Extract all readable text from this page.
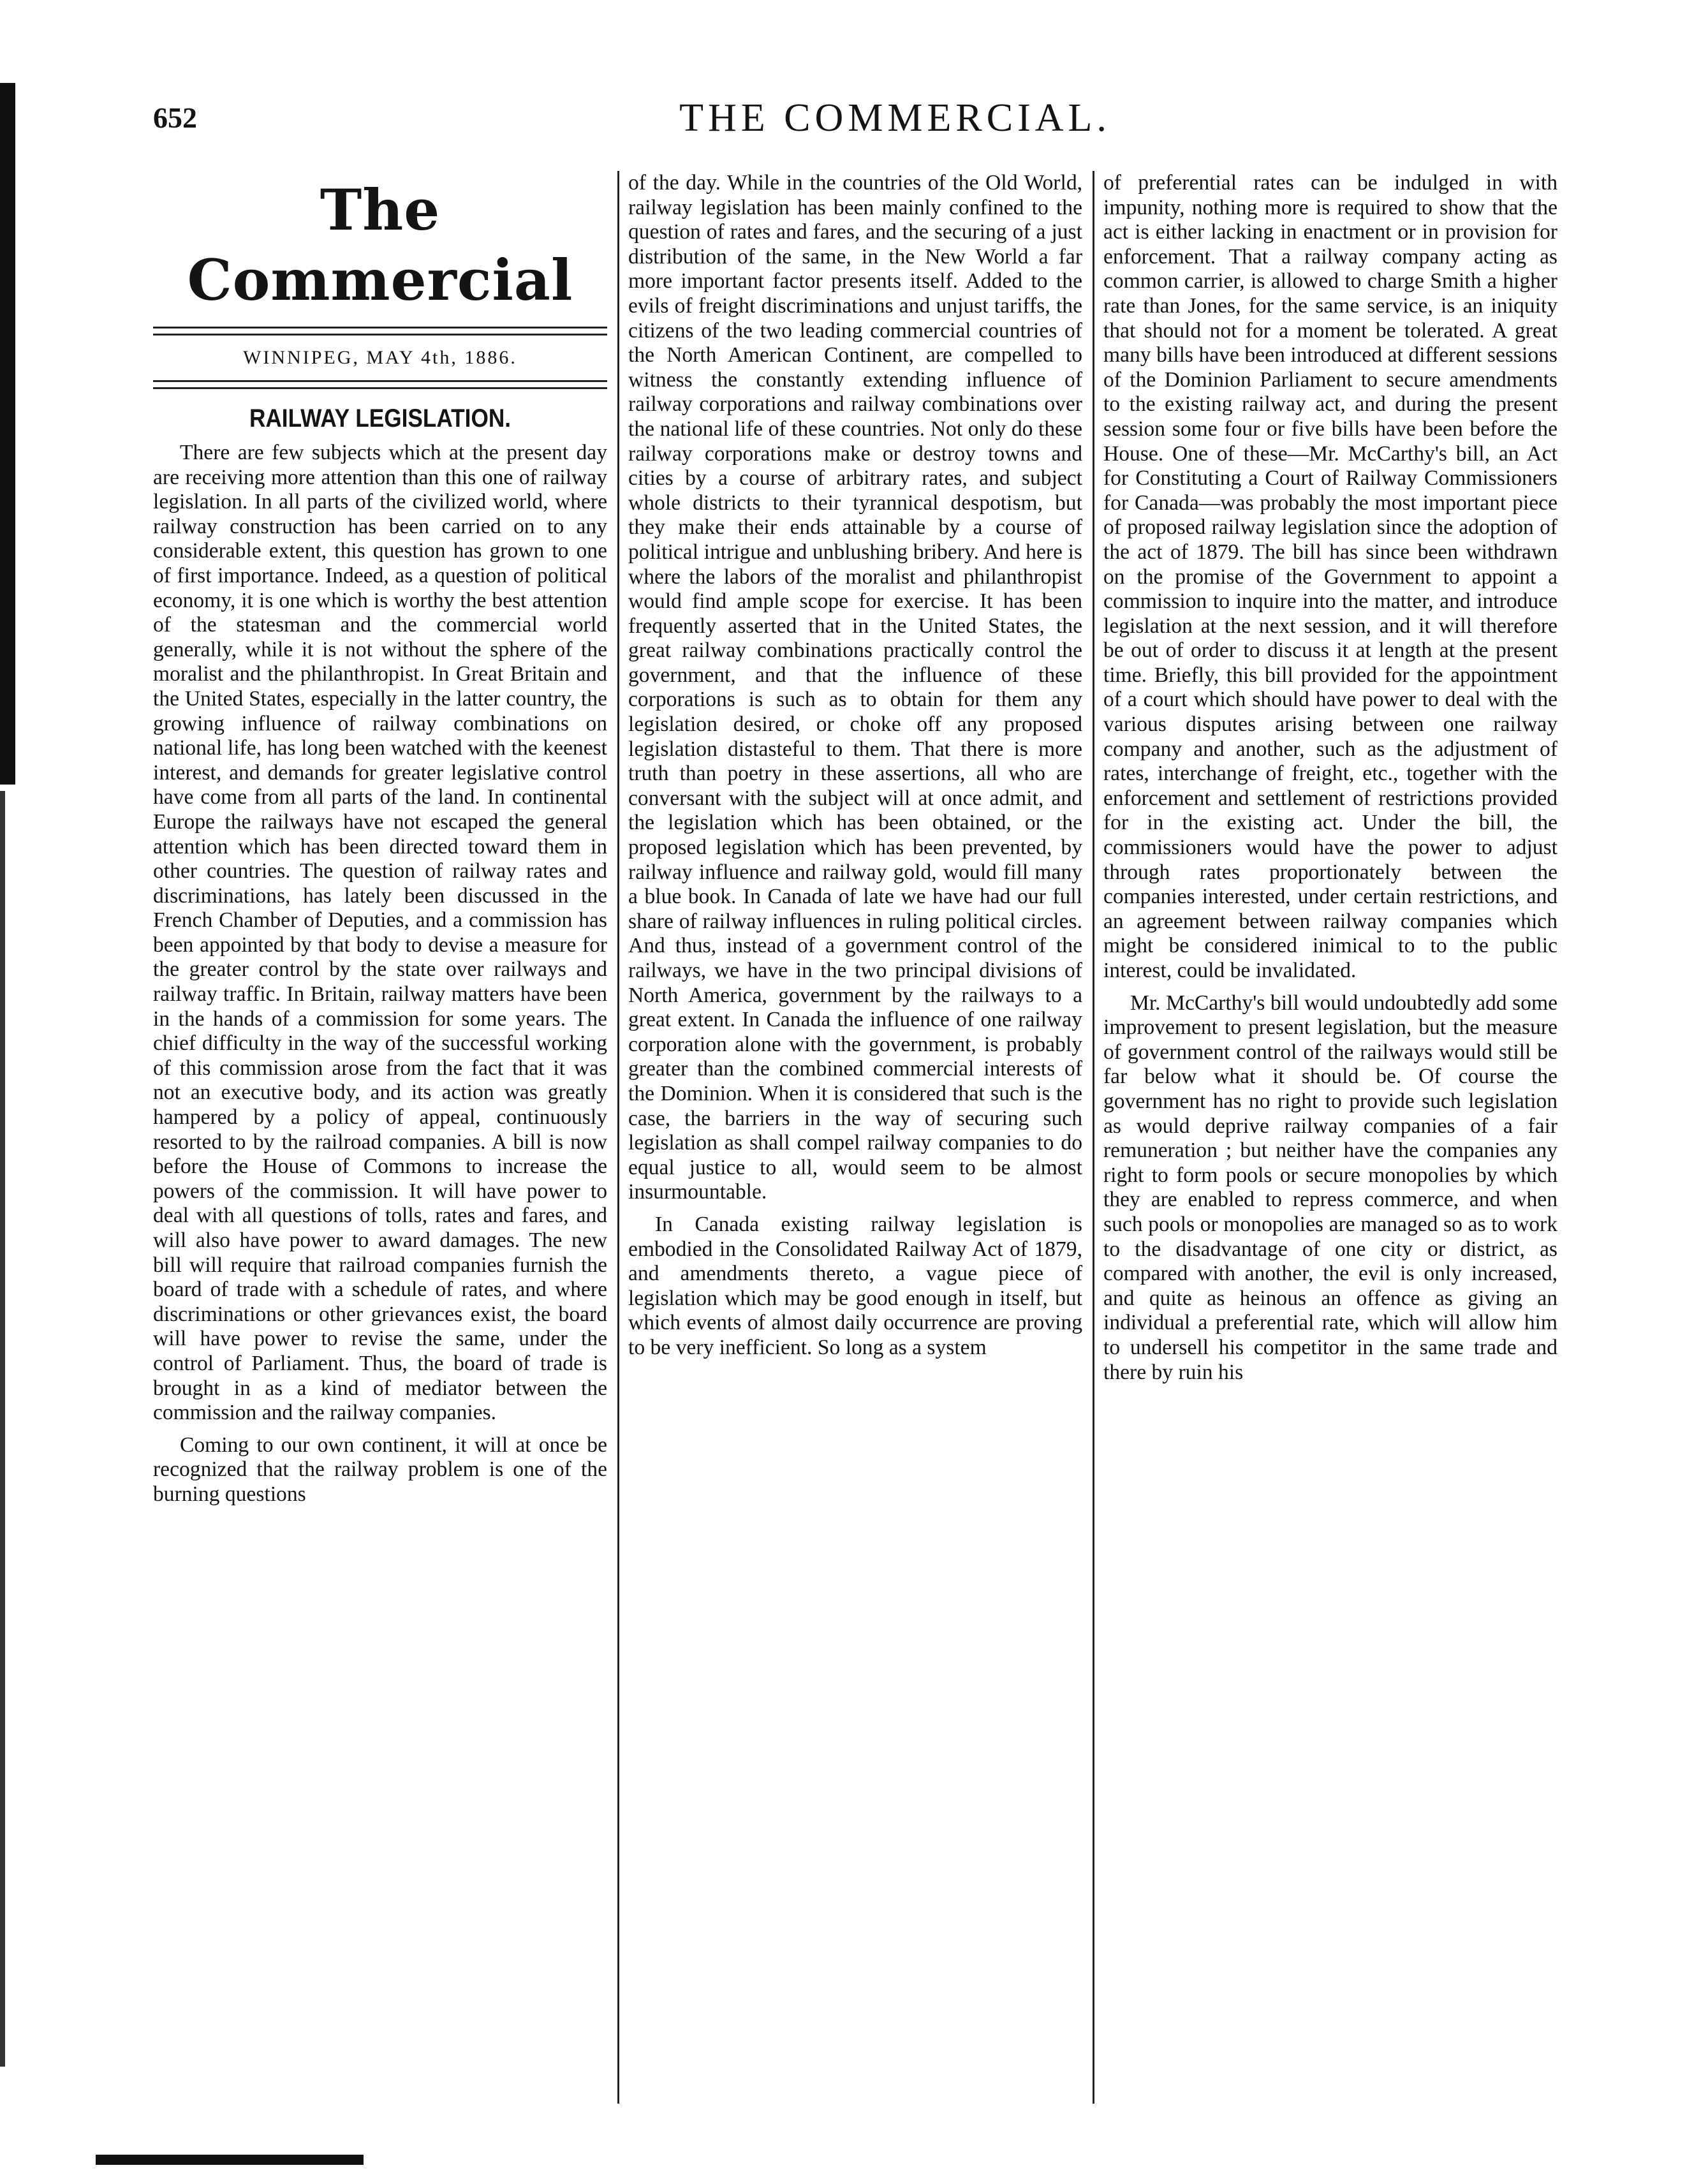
652	THE COMMERCIAL.
The Commercial
WINNIPEG, MAY 4th, 1886.
RAILWAY LEGISLATION.

There are few subjects which at the present day are receiving more attention than this one of railway legislation. In all parts of the civilized world, where railway construction has been carried on to any considerable extent, this question has grown to one of first importance. Indeed, as a question of political economy, it is one which is worthy the best attention of the statesman and the commercial world generally, while it is not without the sphere of the moralist and the philanthropist. In Great Britain and the United States, especially in the latter country, the growing influence of railway combinations on national life, has long been watched with the keenest interest, and demands for greater legislative control have come from all parts of the land. In continental Europe the railways have not escaped the general attention which has been directed toward them in other countries. The question of railway rates and discriminations, has lately been discussed in the French Chamber of Deputies, and a commission has been appointed by that body to devise a measure for the greater control by the state over railways and railway traffic. In Britain, railway matters have been in the hands of a commission for some years. The chief difficulty in the way of the successful working of this commission arose from the fact that it was not an executive body, and its action was greatly hampered by a policy of appeal, continuously resorted to by the railroad companies. A bill is now before the House of Commons to increase the powers of the commission. It will have power to deal with all questions of tolls, rates and fares, and will also have power to award damages. The new bill will require that railroad companies furnish the board of trade with a schedule of rates, and where discriminations or other grievances exist, the board will have power to revise the same, under the control of Parliament. Thus, the board of trade is brought in as a kind of mediator between the commission and the railway companies.

Coming to our own continent, it will at once be recognized that the railway problem is one of the burning questions

of the day. While in the countries of the Old World, railway legislation has been mainly confined to the question of rates and fares, and the securing of a just distribution of the same, in the New World a far more important factor presents itself. Added to the evils of freight discriminations and unjust tariffs, the citizens of the two leading commercial countries of the North American Continent, are compelled to witness the constantly extending influence of railway corporations and railway combinations over the national life of these countries. Not only do these railway corporations make or destroy towns and cities by a course of arbitrary rates, and subject whole districts to their tyrannical despotism, but they make their ends attainable by a course of political intrigue and unblushing bribery. And here is where the labors of the moralist and philanthropist would find ample scope for exercise. It has been frequently asserted that in the United States, the great railway combinations practically control the government, and that the influence of these corporations is such as to obtain for them any legislation desired, or choke off any proposed legislation distasteful to them. That there is more truth than poetry in these assertions, all who are conversant with the subject will at once admit, and the legislation which has been obtained, or the proposed legislation which has been prevented, by railway influence and railway gold, would fill many a blue book. In Canada of late we have had our full share of railway influences in ruling political circles. And thus, instead of a government control of the railways, we have in the two principal divisions of North America, government by the railways to a great extent. In Canada the influence of one railway corporation alone with the government, is probably greater than the combined commercial interests of the Dominion. When it is considered that such is the case, the barriers in the way of securing such legislation as shall compel railway companies to do equal justice to all, would seem to be almost insurmountable.

In Canada existing railway legislation is embodied in the Consolidated Railway Act of 1879, and amendments thereto, a vague piece of legislation which may be good enough in itself, but which events of almost daily occurrence are proving to be very inefficient. So long as a system

of preferential rates can be indulged in with impunity, nothing more is required to show that the act is either lacking in enactment or in provision for enforcement. That a railway company acting as common carrier, is allowed to charge Smith a higher rate than Jones, for the same service, is an iniquity that should not for a moment be tolerated. A great many bills have been introduced at different sessions of the Dominion Parliament to secure amendments to the existing railway act, and during the present session some four or five bills have been before the House. One of these—Mr. McCarthy's bill, an Act for Constituting a Court of Railway Commissioners for Canada—was probably the most important piece of proposed railway legislation since the adoption of the act of 1879. The bill has since been withdrawn on the promise of the Government to appoint a commission to inquire into the matter, and introduce legislation at the next session, and it will therefore be out of order to discuss it at length at the present time. Briefly, this bill provided for the appointment of a court which should have power to deal with the various disputes arising between one railway company and another, such as the adjustment of rates, interchange of freight, etc., together with the enforcement and settlement of restrictions provided for in the existing act. Under the bill, the commissioners would have the power to adjust through rates proportionately between the companies interested, under certain restrictions, and an agreement between railway companies which might be considered inimical to to the public interest, could be invalidated.

Mr. McCarthy's bill would undoubtedly add some improvement to present legislation, but the measure of government control of the railways would still be far below what it should be. Of course the government has no right to provide such legislation as would deprive railway companies of a fair remuneration ; but neither have the companies any right to form pools or secure monopolies by which they are enabled to repress commerce, and when such pools or monopolies are managed so as to work to the disadvantage of one city or district, as compared with another, the evil is only increased, and quite as heinous an offence as giving an individual a preferential rate, which will allow him to undersell his competitor in the same trade and there by ruin his
